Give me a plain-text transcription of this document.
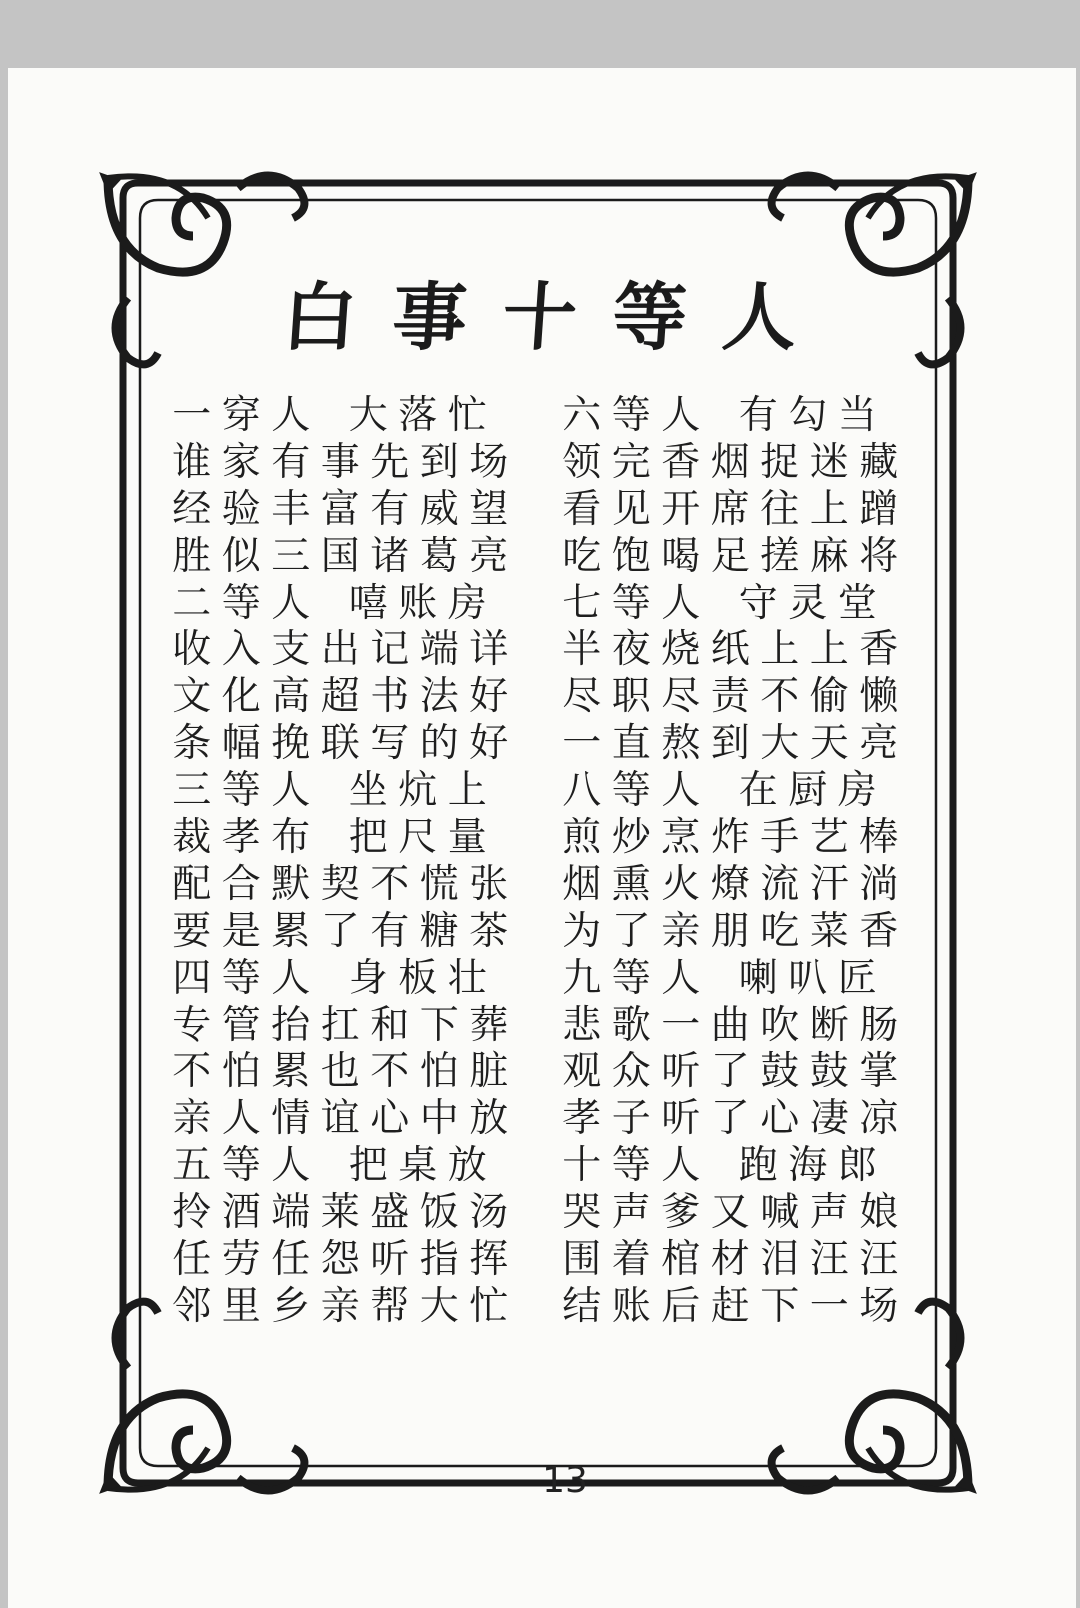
白 事 十 等 人
一 穿 人 大 落 忙
谁 家 有 事 先 到 场
经 验 丰 富 有 威 望
胜 似 三 国 诸 葛 亮
二 等 人 嘻 账 房
收 入 支 出 记 端 详
文 化 高 超 书 法 好
条 幅 挽 联 写 的 好
三 等 人 坐 炕 上
裁 孝 布 把 尺 量
配 合 默 契 不 慌 张
要 是 累 了 有 糖 茶
四 等 人 身 板 壮
专 管 抬 扛 和 下 葬
不 怕 累 也 不 怕 脏
亲 人 情 谊 心 中 放
五 等 人 把 桌 放
拎 酒 端 莱 盛 饭 汤
任 劳 任 怨 听 指 挥
邻 里 乡 亲 帮 大 忙
六 等 人 有 勾 当
领 完 香 烟 捉 迷 藏
看 见 开 席 往 上 蹭
吃 饱 喝 足 搓 麻 将
七 等 人 守 灵 堂
半 夜 烧 纸 上 上 香
尽 职 尽 责 不 偷 懒
一 直 熬 到 大 天 亮
八 等 人 在 厨 房
煎 炒 烹 炸 手 艺 棒
烟 熏 火 燎 流 汗 淌
为 了 亲 朋 吃 菜 香
九 等 人 喇 叭 匠
悲 歌 一 曲 吹 断 肠
观 众 听 了 鼓 鼓 掌
孝 子 听 了 心 凄 凉
十 等 人 跑 海 郎
哭 声 爹 又 喊 声 娘
围 着 棺 材 泪 汪 汪
结 账 后 赶 下 一 场
13
